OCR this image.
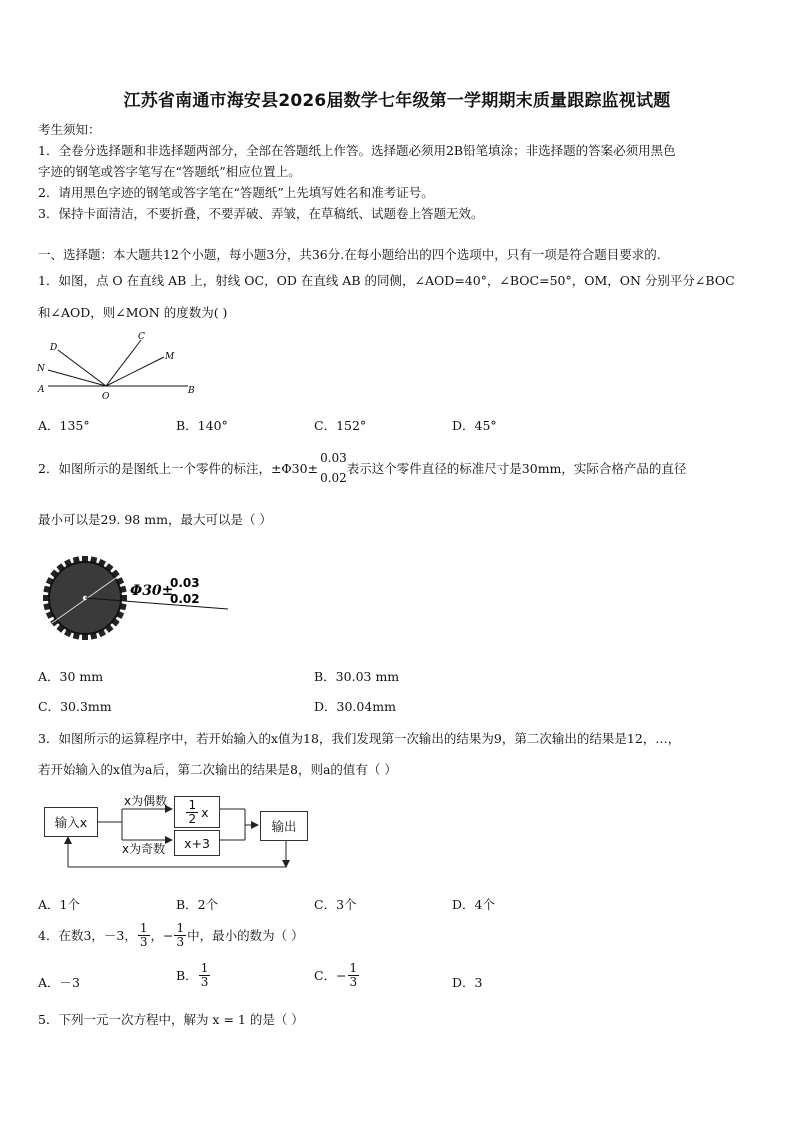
江苏省南通市海安县2026届数学七年级第一学期期末质量跟踪监视试题
考生须知：
1．全卷分选择题和非选择题两部分，全部在答题纸上作答。选择题必须用2B铅笔填涂；非选择题的答案必须用黑色
字迹的钢笔或答字笔写在“答题纸”相应位置上。
2．请用黑色字迹的钢笔或答字笔在“答题纸”上先填写姓名和准考证号。
3．保持卡面清洁，不要折叠，不要弄破、弄皱，在草稿纸、试题卷上答题无效。
一、选择题：本大题共12个小题，每小题3分，共36分.在每小题给出的四个选项中，只有一项是符合题目要求的.
1．如图，点 O 在直线 AB 上，射线 OC，OD 在直线 AB 的同侧，∠AOD=40°，∠BOC=50°，OM，ON 分别平分∠BOC
和∠AOD，则∠MON 的度数为( )
A	B
C
D
M
N
O
A．135°	B．140°	C．152°	D．45°
2．如图所示的是图纸上一个零件的标注，±Φ30±
0.03
0.02
表示这个零件直径的标准尺寸是30mm，实际合格产品的直径
最小可以是29. 98 mm，最大可以是（ ）
Φ30±
0.03
0.02
A．30 mm	B．30.03 mm
C．30.3mm	D．30.04mm
3．如图所示的运算程序中，若开始输入的x值为18，我们发现第一次输出的结果为9，第二次输出的结果是12，…，
若开始输入的x值为a后，第二次输出的结果是8，则a的值有（ ）
输入x
x为偶数 $\frac{1}{2}$ x
x为奇数	x+3
输出
A．1个	B．2个	C．3个	D．4个
4．在数3，－3， $\frac{1}{3}$ ，− $\frac{1}{3}$ 中，最小的数为（ ）
A．－3	B． $\frac{1}{3}$	C．− $\frac{1}{3}$	D．3
5．下列一元一次方程中，解为 x = 1 的是（ ）
